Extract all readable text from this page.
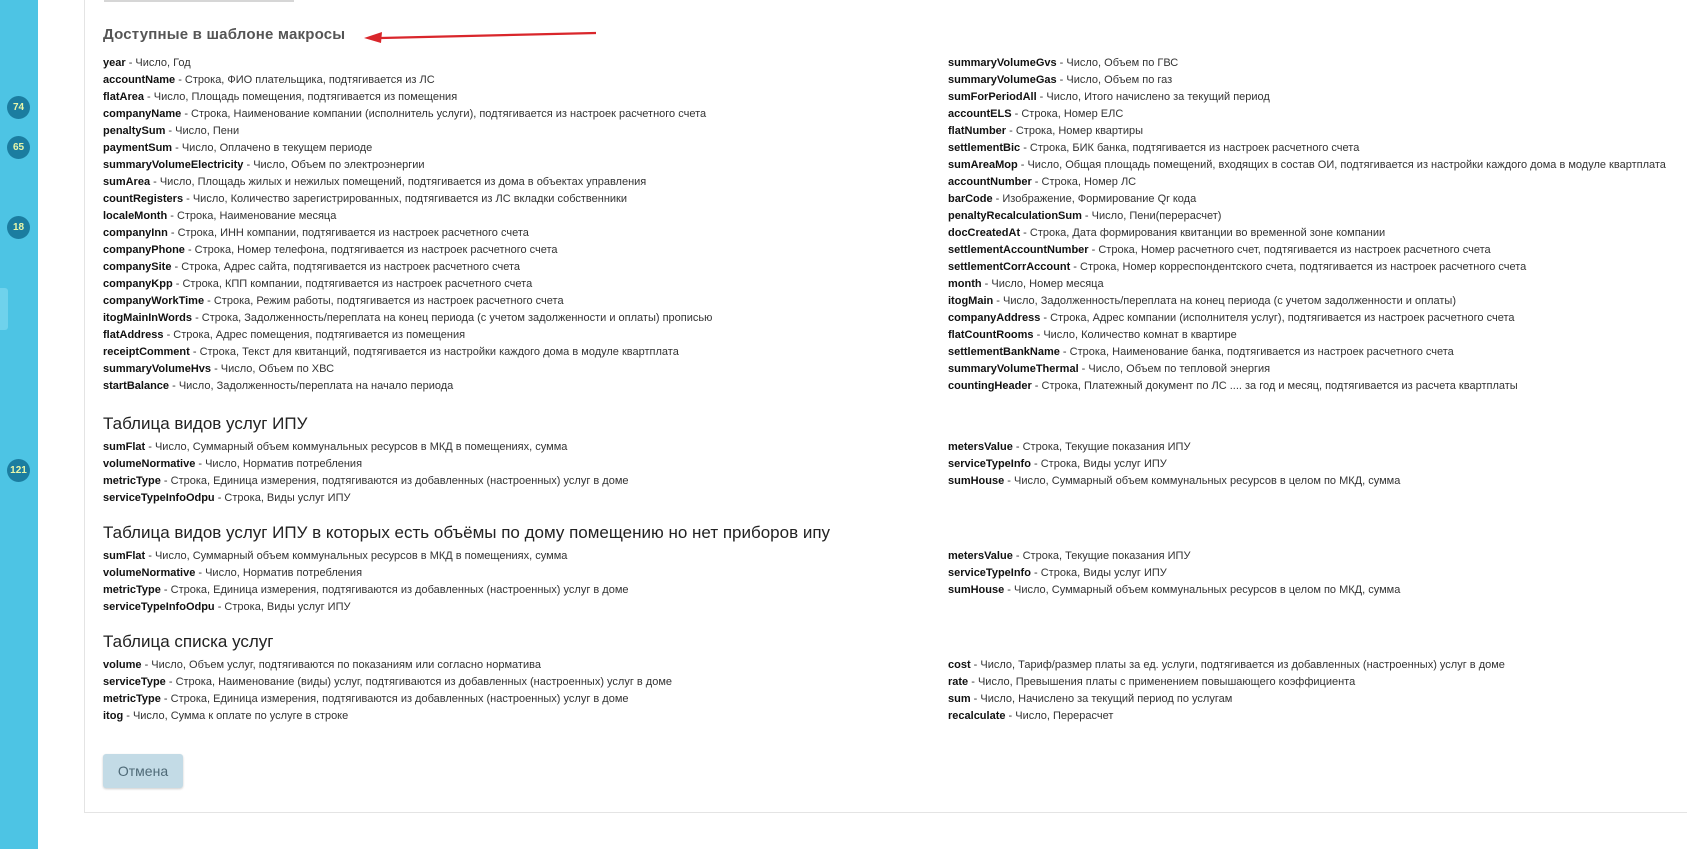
74
65
18
121
Доступные в шаблоне макросы
year - Число, Год
accountName - Строка, ФИО плательщика, подтягивается из ЛС
flatArea - Число, Площадь помещения, подтягивается из помещения
companyName - Строка, Наименование компании (исполнитель услуги), подтягивается из настроек расчетного счета
penaltySum - Число, Пени
paymentSum - Число, Оплачено в текущем периоде
summaryVolumeElectricity - Число, Объем по электроэнергии
sumArea - Число, Площадь жилых и нежилых помещений, подтягивается из дома в объектах управления
countRegisters - Число, Количество зарегистрированных, подтягивается из ЛС вкладки собственники
localeMonth - Строка, Наименование месяца
companyInn - Строка, ИНН компании, подтягивается из настроек расчетного счета
companyPhone - Строка, Номер телефона, подтягивается из настроек расчетного счета
companySite - Строка, Адрес сайта, подтягивается из настроек расчетного счета
companyKpp - Строка, КПП компании, подтягивается из настроек расчетного счета
companyWorkTime - Строка, Режим работы, подтягивается из настроек расчетного счета
itogMainInWords - Строка, Задолженность/переплата на конец периода (с учетом задолженности и оплаты) прописью
flatAddress - Строка, Адрес помещения, подтягивается из помещения
receiptComment - Строка, Текст для квитанций, подтягивается из настройки каждого дома в модуле квартплата
summaryVolumeHvs - Число, Объем по ХВС
startBalance - Число, Задолженность/переплата на начало периода
summaryVolumeGvs - Число, Объем по ГВС
summaryVolumeGas - Число, Объем по газ
sumForPeriodAll - Число, Итого начислено за текущий период
accountELS - Строка, Номер ЕЛС
flatNumber - Строка, Номер квартиры
settlementBic - Строка, БИК банка, подтягивается из настроек расчетного счета
sumAreaMop - Число, Общая площадь помещений, входящих в состав ОИ, подтягивается из настройки каждого дома в модуле квартплата
accountNumber - Строка, Номер ЛС
barCode - Изображение, Формирование Qr кода
penaltyRecalculationSum - Число, Пени(перерасчет)
docCreatedAt - Строка, Дата формирования квитанции во временной зоне компании
settlementAccountNumber - Строка, Номер расчетного счет, подтягивается из настроек расчетного счета
settlementCorrAccount - Строка, Номер корреспондентского счета, подтягивается из настроек расчетного счета
month - Число, Номер месяца
itogMain - Число, Задолженность/переплата на конец периода (с учетом задолженности и оплаты)
companyAddress - Строка, Адрес компании (исполнителя услуг), подтягивается из настроек расчетного счета
flatCountRooms - Число, Количество комнат в квартире
settlementBankName - Строка, Наименование банка, подтягивается из настроек расчетного счета
summaryVolumeThermal - Число, Объем по тепловой энергия
countingHeader - Строка, Платежный документ по ЛС .... за год и месяц, подтягивается из расчета квартплаты
Таблица видов услуг ИПУ
sumFlat - Число, Суммарный объем коммунальных ресурсов в МКД в помещениях, сумма
volumeNormative - Число, Норматив потребления
metricType - Строка, Единица измерения, подтягиваются из добавленных (настроенных) услуг в доме
serviceTypeInfoOdpu - Строка, Виды услуг ИПУ
metersValue - Строка, Текущие показания ИПУ
serviceTypeInfo - Строка, Виды услуг ИПУ
sumHouse - Число, Суммарный объем коммунальных ресурсов в целом по МКД, сумма
Таблица видов услуг ИПУ в которых есть объёмы по дому помещению но нет приборов ипу
sumFlat - Число, Суммарный объем коммунальных ресурсов в МКД в помещениях, сумма
volumeNormative - Число, Норматив потребления
metricType - Строка, Единица измерения, подтягиваются из добавленных (настроенных) услуг в доме
serviceTypeInfoOdpu - Строка, Виды услуг ИПУ
metersValue - Строка, Текущие показания ИПУ
serviceTypeInfo - Строка, Виды услуг ИПУ
sumHouse - Число, Суммарный объем коммунальных ресурсов в целом по МКД, сумма
Таблица списка услуг
volume - Число, Объем услуг, подтягиваются по показаниям или согласно норматива
serviceType - Строка, Наименование (виды) услуг, подтягиваются из добавленных (настроенных) услуг в доме
metricType - Строка, Единица измерения, подтягиваются из добавленных (настроенных) услуг в доме
itog - Число, Сумма к оплате по услуге в строке
cost - Число, Тариф/размер платы за ед. услуги, подтягивается из добавленных (настроенных) услуг в доме
rate - Число, Превышения платы с применением повышающего коэффициента
sum - Число, Начислено за текущий период по услугам
recalculate - Число, Перерасчет
Отмена
